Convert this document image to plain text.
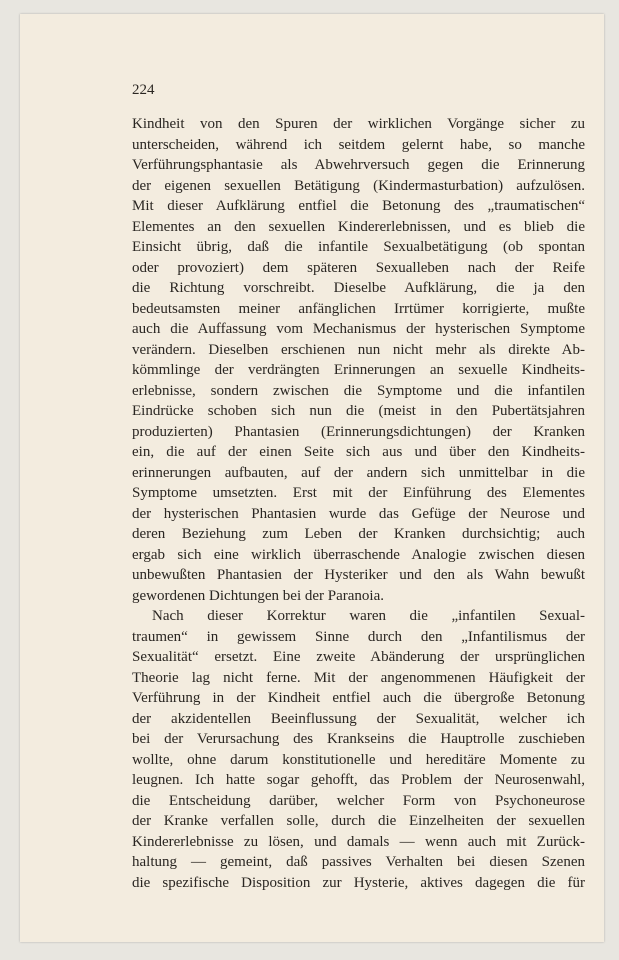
224
Kindheit von den Spuren der wirklichen Vorgänge sicher zu
unterscheiden, während ich seitdem gelernt habe, so manche
Verführungsphantasie als Abwehrversuch gegen die Erinnerung
der eigenen sexuellen Betätigung (Kindermasturbation) aufzulösen.
Mit dieser Aufklärung entfiel die Betonung des „traumatischen“
Elementes an den sexuellen Kindererlebnissen, und es blieb die
Einsicht übrig, daß die infantile Sexualbetätigung (ob spontan
oder provoziert) dem späteren Sexualleben nach der Reife
die Richtung vorschreibt. Dieselbe Aufklärung, die ja den
bedeutsamsten meiner anfänglichen Irrtümer korrigierte, mußte
auch die Auffassung vom Mechanismus der hysterischen Symptome
verändern. Dieselben erschienen nun nicht mehr als direkte Ab-
kömmlinge der verdrängten Erinnerungen an sexuelle Kindheits-
erlebnisse, sondern zwischen die Symptome und die infantilen
Eindrücke schoben sich nun die (meist in den Pubertätsjahren
produzierten) Phantasien (Erinnerungsdichtungen) der Kranken
ein, die auf der einen Seite sich aus und über den Kindheits-
erinnerungen aufbauten, auf der andern sich unmittelbar in die
Symptome umsetzten. Erst mit der Einführung des Elementes
der hysterischen Phantasien wurde das Gefüge der Neurose und
deren Beziehung zum Leben der Kranken durchsichtig; auch
ergab sich eine wirklich überraschende Analogie zwischen diesen
unbewußten Phantasien der Hysteriker und den als Wahn bewußt
gewordenen Dichtungen bei der Paranoia.
Nach dieser Korrektur waren die „infantilen Sexual-
traumen“ in gewissem Sinne durch den „Infantilismus der
Sexualität“ ersetzt. Eine zweite Abänderung der ursprünglichen
Theorie lag nicht ferne. Mit der angenommenen Häufigkeit der
Verführung in der Kindheit entfiel auch die übergroße Betonung
der akzidentellen Beeinflussung der Sexualität, welcher ich
bei der Verursachung des Krankseins die Hauptrolle zuschieben
wollte, ohne darum konstitutionelle und hereditäre Momente zu
leugnen. Ich hatte sogar gehofft, das Problem der Neurosenwahl,
die Entscheidung darüber, welcher Form von Psychoneurose
der Kranke verfallen solle, durch die Einzelheiten der sexuellen
Kindererlebnisse zu lösen, und damals — wenn auch mit Zurück-
haltung — gemeint, daß passives Verhalten bei diesen Szenen
die spezifische Disposition zur Hysterie, aktives dagegen die für
